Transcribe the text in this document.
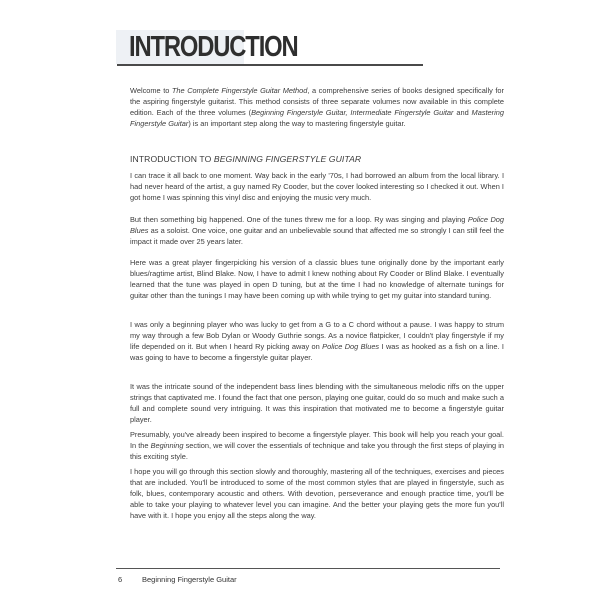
INTRODUCTION

Welcome to The Complete Fingerstyle Guitar Method, a comprehensive series of books designed specifically for the aspiring fingerstyle guitarist. This method consists of three separate volumes now available in this complete edition. Each of the three volumes (Beginning Fingerstyle Guitar, Intermediate Fingerstyle Guitar and Mastering Fingerstyle Guitar) is an important step along the way to mastering fingerstyle guitar.

INTRODUCTION TO BEGINNING FINGERSTYLE GUITAR

I can trace it all back to one moment. Way back in the early '70s, I had borrowed an album from the local library. I had never heard of the artist, a guy named Ry Cooder, but the cover looked interesting so I checked it out. When I got home I was spinning this vinyl disc and enjoying the music very much.

But then something big happened. One of the tunes threw me for a loop. Ry was singing and playing Police Dog Blues as a soloist. One voice, one guitar and an unbelievable sound that affected me so strongly I can still feel the impact it made over 25 years later.

Here was a great player fingerpicking his version of a classic blues tune originally done by the important early blues/ragtime artist, Blind Blake. Now, I have to admit I knew nothing about Ry Cooder or Blind Blake. I eventually learned that the tune was played in open D tuning, but at the time I had no knowledge of alternate tunings for guitar other than the tunings I may have been coming up with while trying to get my guitar into standard tuning.

I was only a beginning player who was lucky to get from a G to a C chord without a pause. I was happy to strum my way through a few Bob Dylan or Woody Guthrie songs. As a novice flatpicker, I couldn't play fingerstyle if my life depended on it. But when I heard Ry picking away on Police Dog Blues I was as hooked as a fish on a line. I was going to have to become a fingerstyle guitar player.

It was the intricate sound of the independent bass lines blending with the simultaneous melodic riffs on the upper strings that captivated me. I found the fact that one person, playing one guitar, could do so much and make such a full and complete sound very intriguing. It was this inspiration that motivated me to become a fingerstyle guitar player.

Presumably, you've already been inspired to become a fingerstyle player. This book will help you reach your goal. In the Beginning section, we will cover the essentials of technique and take you through the first steps of playing in this exciting style.

I hope you will go through this section slowly and thoroughly, mastering all of the techniques, exercises and pieces that are included. You'll be introduced to some of the most common styles that are played in fingerstyle, such as folk, blues, contemporary acoustic and others. With devotion, perseverance and enough practice time, you'll be able to take your playing to whatever level you can imagine. And the better your playing gets the more fun you'll have with it. I hope you enjoy all the steps along the way.

6	Beginning Fingerstyle Guitar
